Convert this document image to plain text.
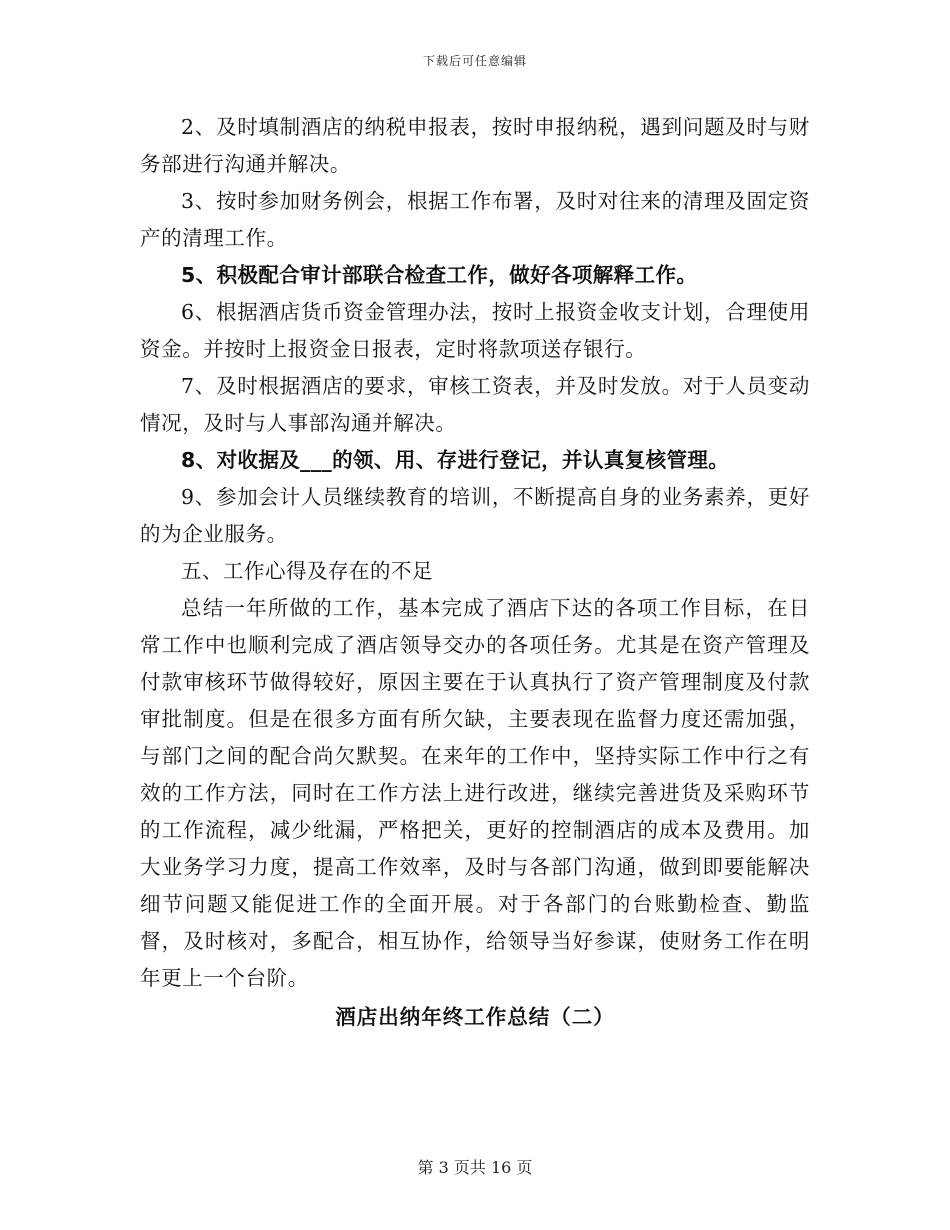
下载后可任意编辑

2、及时填制酒店的纳税申报表，按时申报纳税，遇到问题及时与财务部进行沟通并解决。

3、按时参加财务例会，根据工作布署，及时对往来的清理及固定资产的清理工作。

5、积极配合审计部联合检查工作，做好各项解释工作。

6、根据酒店货币资金管理办法，按时上报资金收支计划，合理使用资金。并按时上报资金日报表，定时将款项送存银行。

7、及时根据酒店的要求，审核工资表，并及时发放。对于人员变动情况，及时与人事部沟通并解决。

8、对收据及___的领、用、存进行登记，并认真复核管理。

9、参加会计人员继续教育的培训，不断提高自身的业务素养，更好的为企业服务。

五、工作心得及存在的不足

总结一年所做的工作，基本完成了酒店下达的各项工作目标，在日常工作中也顺利完成了酒店领导交办的各项任务。尤其是在资产管理及付款审核环节做得较好，原因主要在于认真执行了资产管理制度及付款审批制度。但是在很多方面有所欠缺，主要表现在监督力度还需加强，与部门之间的配合尚欠默契。在来年的工作中，坚持实际工作中行之有效的工作方法，同时在工作方法上进行改进，继续完善进货及采购环节的工作流程，减少纰漏，严格把关，更好的控制酒店的成本及费用。加大业务学习力度，提高工作效率，及时与各部门沟通，做到即要能解决细节问题又能促进工作的全面开展。对于各部门的台账勤检查、勤监督，及时核对，多配合，相互协作，给领导当好参谋，使财务工作在明年更上一个台阶。

酒店出纳年终工作总结（二）

第 3 页共 16 页
